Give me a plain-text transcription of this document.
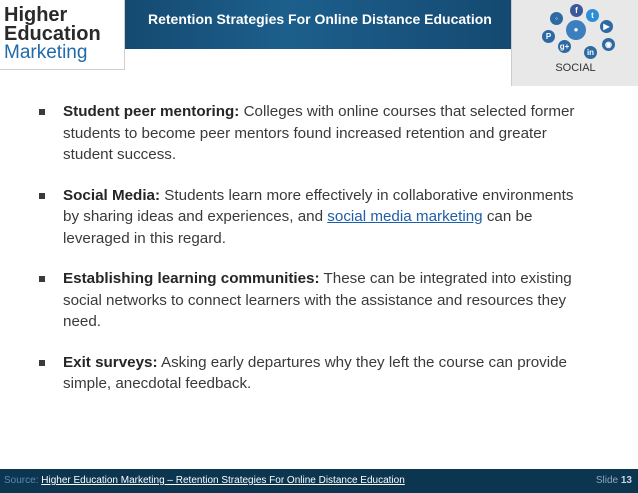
Higher
Education
Marketing
Retention Strategies For Online Distance Education
f
t
▶
P
g+	◉
in
●
◦
SOCIAL
Student peer mentoring: Colleges with online courses that selected former students to become peer mentors found increased retention and greater student success.
Social Media: Students learn more effectively in collaborative environments by sharing ideas and experiences, and social media marketing can be leveraged in this regard.
Establishing learning communities: These can be integrated into existing social networks to connect learners with the assistance and resources they need.
Exit surveys: Asking early departures why they left the course can provide simple, anecdotal feedback.
Source: Higher Education Marketing – Retention Strategies For Online Distance Education	Slide 13
